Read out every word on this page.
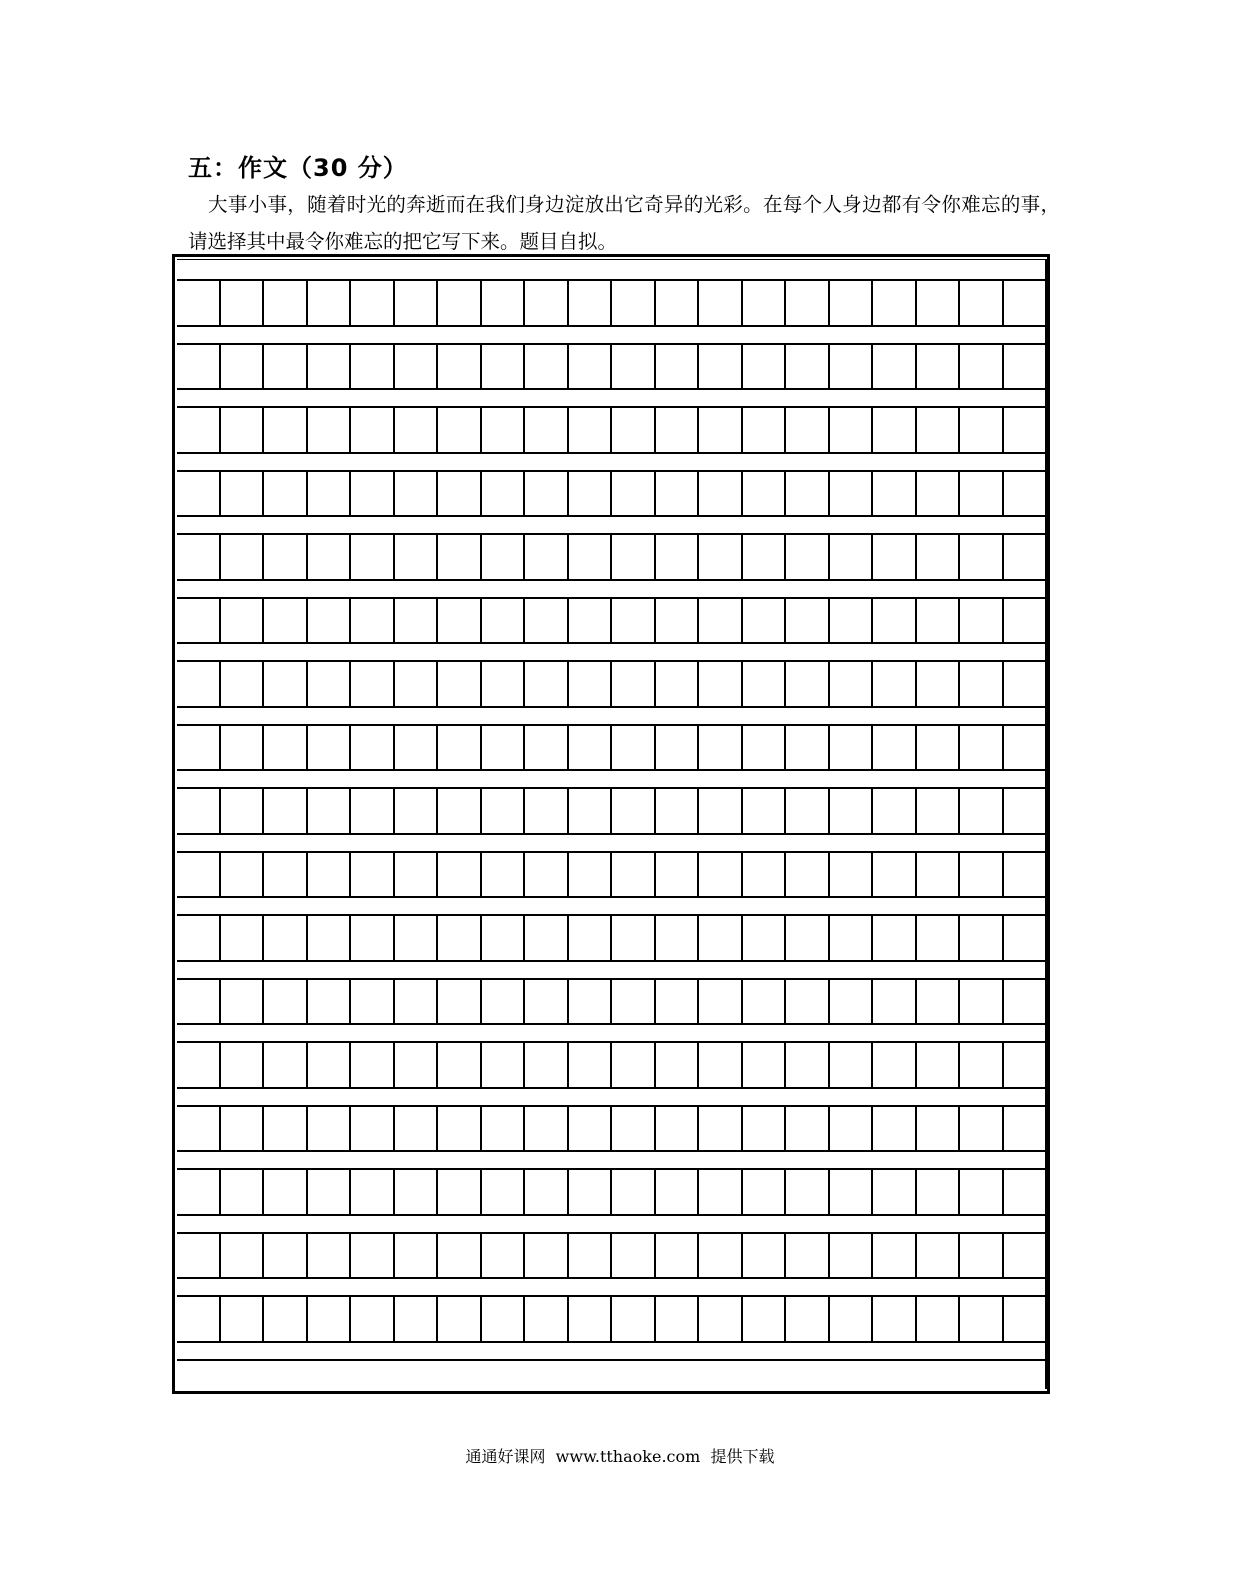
五：作文（30 分）

大事小事，随着时光的奔逝而在我们身边淀放出它奇异的光彩。在每个人身边都有令你难忘的事，请选择其中最令你难忘的把它写下来。题目自拟。

通通好课网  www.tthaoke.com  提供下载
